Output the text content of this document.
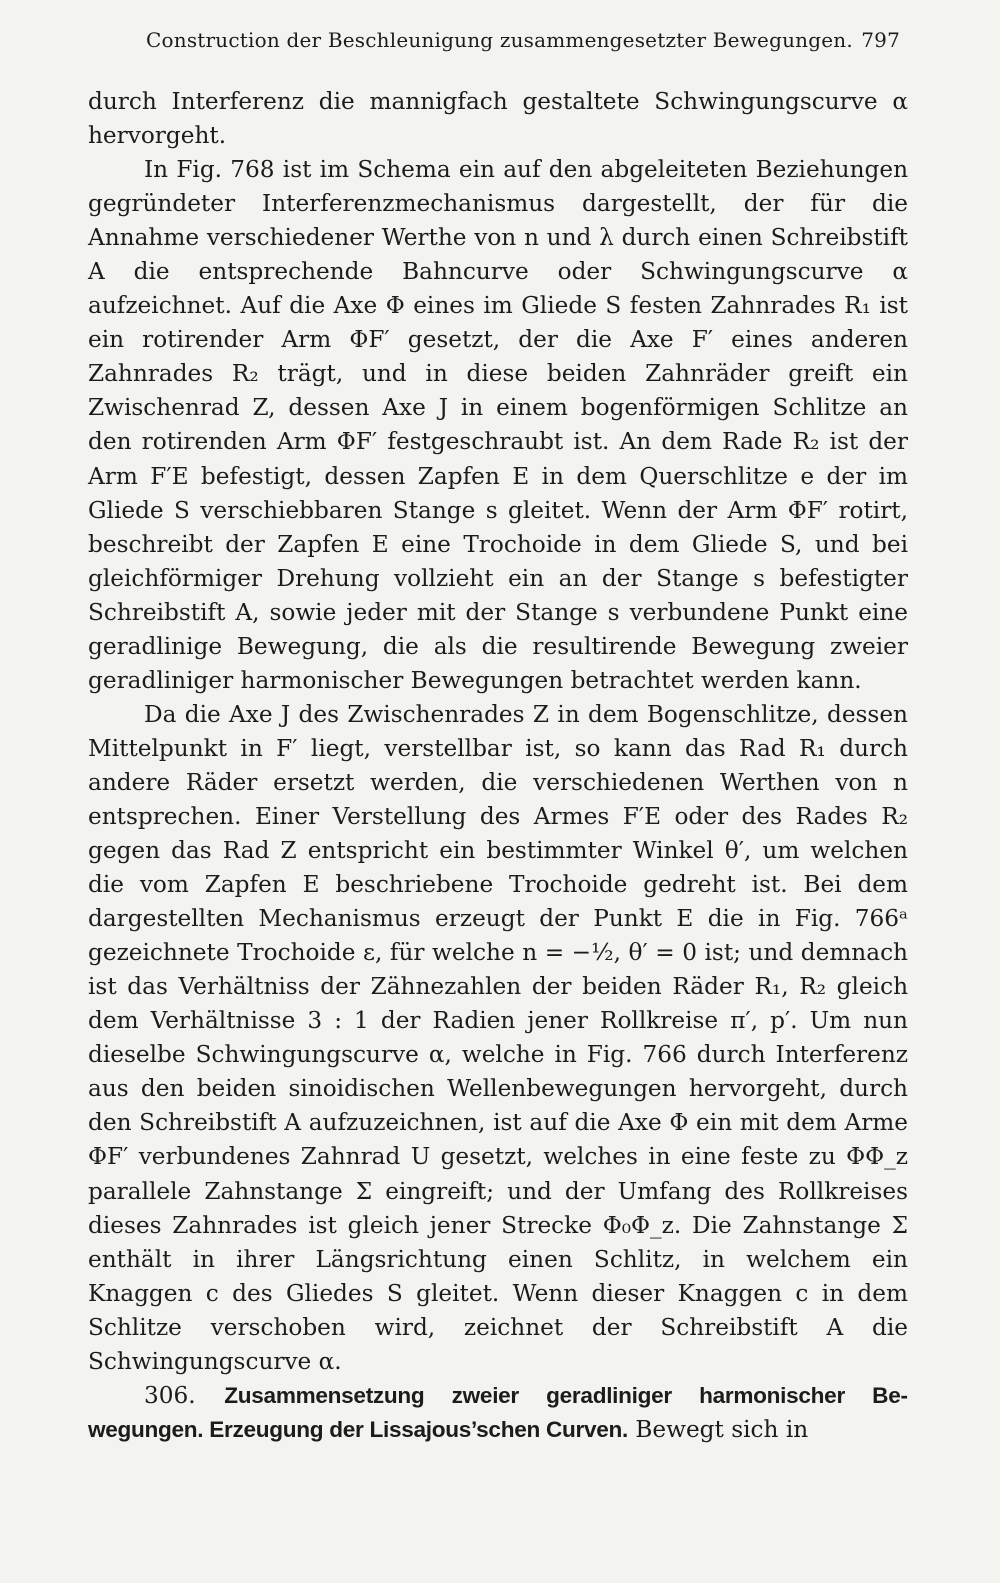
Construction der Beschleunigung zusammengesetzter Bewegungen. 797

durch Interferenz die mannigfach gestaltete Schwingungscurve α hervorgeht.

In Fig. 768 ist im Schema ein auf den abgeleiteten Beziehungen gegründeter Interferenzmechanismus dargestellt, der für die Annahme verschiedener Werthe von n und λ durch einen Schreibstift A die entsprechende Bahncurve oder Schwingungscurve α aufzeichnet. Auf die Axe Φ eines im Gliede S festen Zahnrades R₁ ist ein rotirender Arm ΦF′ gesetzt, der die Axe F′ eines anderen Zahnrades R₂ trägt, und in diese beiden Zahnräder greift ein Zwischenrad Z, dessen Axe J in einem bogenförmigen Schlitze an den rotirenden Arm ΦF′ festgeschraubt ist. An dem Rade R₂ ist der Arm F′E befestigt, dessen Zapfen E in dem Querschlitze e der im Gliede S verschiebbaren Stange s gleitet. Wenn der Arm ΦF′ rotirt, beschreibt der Zapfen E eine Trochoide in dem Gliede S, und bei gleichförmiger Drehung vollzieht ein an der Stange s befestigter Schreibstift A, sowie jeder mit der Stange s verbundene Punkt eine geradlinige Bewegung, die als die resultirende Bewegung zweier geradliniger harmonischer Bewegungen betrachtet werden kann.

Da die Axe J des Zwischenrades Z in dem Bogenschlitze, dessen Mittelpunkt in F′ liegt, verstellbar ist, so kann das Rad R₁ durch andere Räder ersetzt werden, die verschiedenen Werthen von n entsprechen. Einer Verstellung des Armes F′E oder des Rades R₂ gegen das Rad Z entspricht ein bestimmter Winkel θ′, um welchen die vom Zapfen E beschriebene Trochoide gedreht ist. Bei dem dargestellten Mechanismus erzeugt der Punkt E die in Fig. 766ᵃ gezeichnete Trochoide ε, für welche n = −½, θ′ = 0 ist; und demnach ist das Verhältniss der Zähnezahlen der beiden Räder R₁, R₂ gleich dem Verhältnisse 3 : 1 der Radien jener Rollkreise π′, p′. Um nun dieselbe Schwingungscurve α, welche in Fig. 766 durch Interferenz aus den beiden sinoidischen Wellenbewegungen hervorgeht, durch den Schreibstift A aufzuzeichnen, ist auf die Axe Φ ein mit dem Arme ΦF′ verbundenes Zahnrad U gesetzt, welches in eine feste zu ΦΦ_z parallele Zahnstange Σ eingreift; und der Umfang des Rollkreises dieses Zahnrades ist gleich jener Strecke Φ₀Φ_z. Die Zahnstange Σ enthält in ihrer Längsrichtung einen Schlitz, in welchem ein Knaggen c des Gliedes S gleitet. Wenn dieser Knaggen c in dem Schlitze verschoben wird, zeichnet der Schreibstift A die Schwingungscurve α.

306. Zusammensetzung zweier geradliniger harmonischer Bewegungen. Erzeugung der Lissajous’schen Curven. Bewegt sich in
